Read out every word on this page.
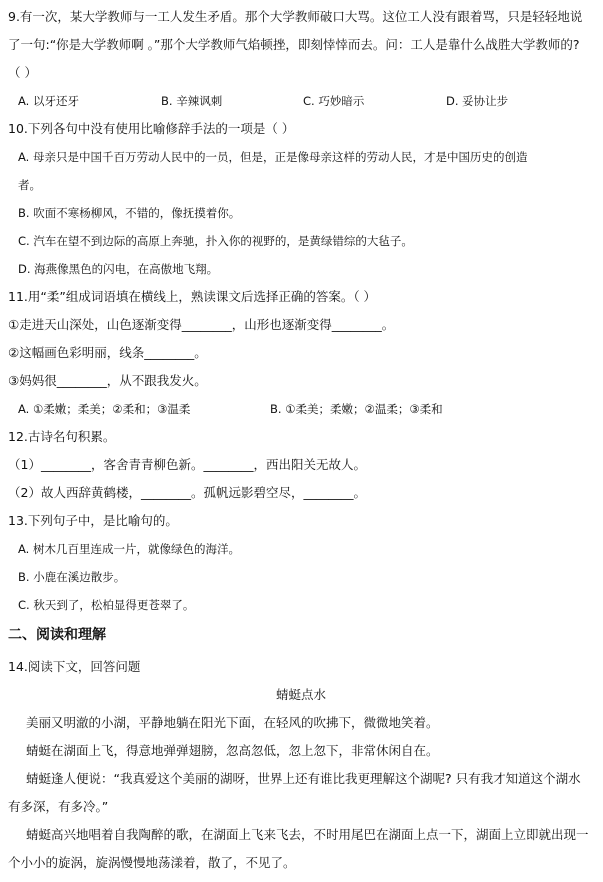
9.有一次，某大学教师与一工人发生矛盾。那个大学教师破口大骂。这位工人没有跟着骂，只是轻轻地说
了一句:“你是大学教师啊 。”那个大学教师气焰顿挫，即刻悻悻而去。问：工人是靠什么战胜大学教师的?
（ ）
A. 以牙还牙	B. 辛辣讽刺	C. 巧妙暗示	D. 妥协让步
10.下列各句中没有使用比喻修辞手法的一项是（ ）
A. 母亲只是中国千百万劳动人民中的一员，但是，正是像母亲这样的劳动人民，才是中国历史的创造
者。
B. 吹面不寒杨柳风，不错的，像抚摸着你。
C. 汽车在望不到边际的高原上奔驰，扑入你的视野的，是黄绿错综的大毡子。
D. 海燕像黑色的闪电，在高傲地飞翔。
11.用“柔”组成词语填在横线上，熟读课文后选择正确的答案。（ ）
①走进天山深处，山色逐渐变得________，山形也逐渐变得________。
②这幅画色彩明丽，线条________。
③妈妈很________，从不跟我发火。
A. ①柔嫩；柔美；②柔和；③温柔	B. ①柔美；柔嫩；②温柔；③柔和
12.古诗名句积累。
（1）________，客舍青青柳色新。________，西出阳关无故人。
（2）故人西辞黄鹤楼，________。孤帆远影碧空尽，________。
13.下列句子中，是比喻句的。
A. 树木几百里连成一片，就像绿色的海洋。
B. 小鹿在溪边散步。
C. 秋天到了，松柏显得更苍翠了。
二、阅读和理解
14.阅读下文，回答问题
蜻蜓点水
美丽又明澈的小湖，平静地躺在阳光下面，在轻风的吹拂下，微微地笑着。
蜻蜓在湖面上飞，得意地弹弹翅膀，忽高忽低，忽上忽下，非常休闲自在。
蜻蜓逢人便说：“我真爱这个美丽的湖呀，世界上还有谁比我更理解这个湖呢? 只有我才知道这个湖水
有多深，有多冷。”
蜻蜓高兴地唱着自我陶醉的歌，在湖面上飞来飞去，不时用尾巴在湖面上点一下，湖面上立即就出现一
个小小的旋涡，旋涡慢慢地荡漾着，散了，不见了。
